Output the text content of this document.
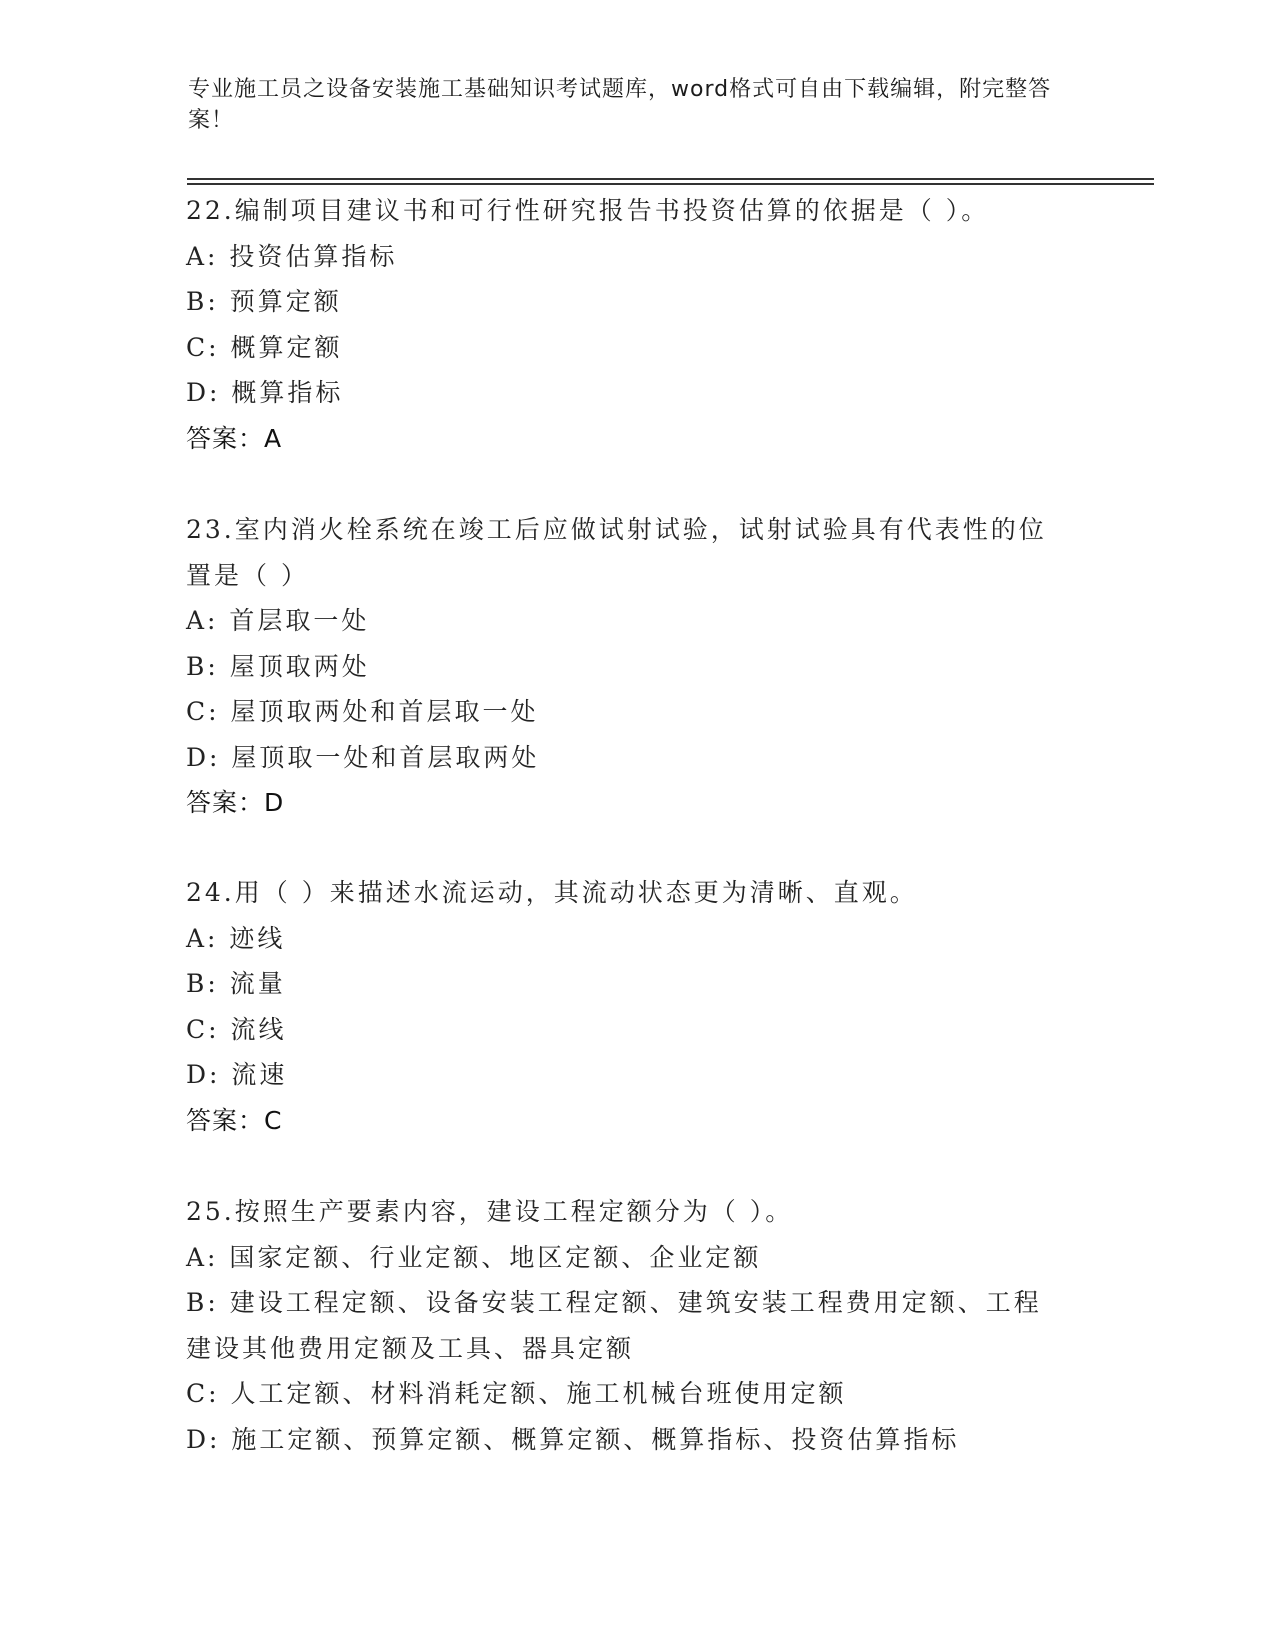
专业施工员之设备安装施工基础知识考试题库，word格式可自由下载编辑，附完整答案！
22.编制项目建议书和可行性研究报告书投资估算的依据是（ ）。
A: 投资估算指标
B: 预算定额
C: 概算定额
D: 概算指标
答案：A
23.室内消火栓系统在竣工后应做试射试验，试射试验具有代表性的位置是（ ）
A: 首层取一处
B: 屋顶取两处
C: 屋顶取两处和首层取一处
D: 屋顶取一处和首层取两处
答案：D
24.用（ ）来描述水流运动，其流动状态更为清晰、直观。
A: 迹线
B: 流量
C: 流线
D: 流速
答案：C
25.按照生产要素内容，建设工程定额分为（ ）。
A: 国家定额、行业定额、地区定额、企业定额
B: 建设工程定额、设备安装工程定额、建筑安装工程费用定额、工程建设其他费用定额及工具、器具定额
C: 人工定额、材料消耗定额、施工机械台班使用定额
D: 施工定额、预算定额、概算定额、概算指标、投资估算指标
